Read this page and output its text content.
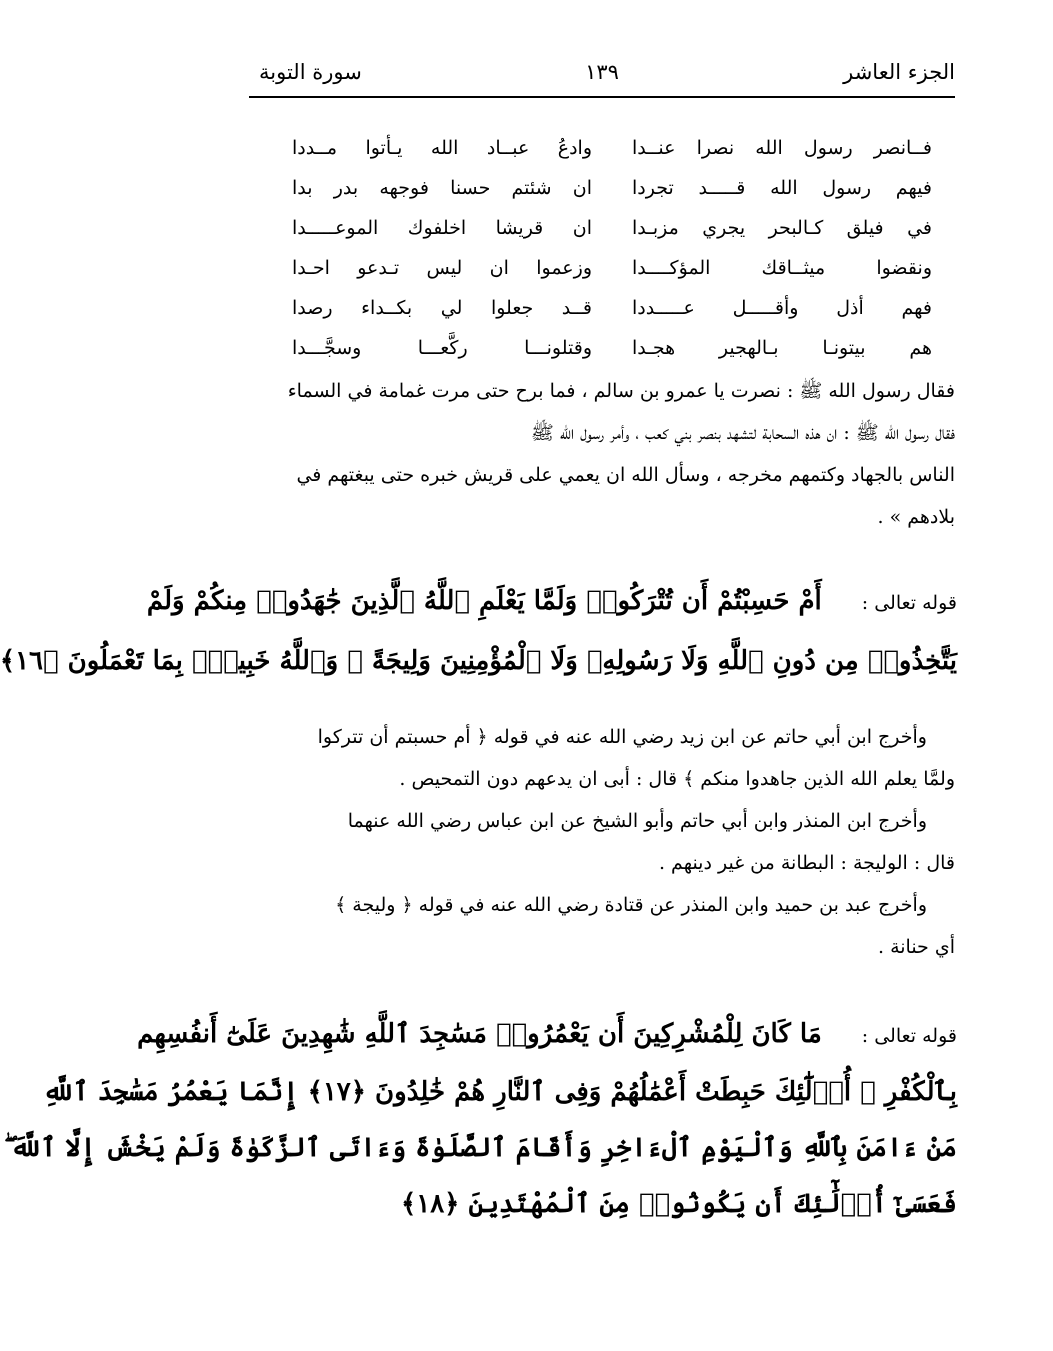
الجزء العاشر
١٣٩
سورة التوبة
فــانصر رسول الله نصرا عنــدا
وادعُ عبــاد الله يـأتوا مــددا
فيهم رسول الله قـــــد تجردا
ان شئتم حسنا فوجهه بدر بدا
في فيلق كـالبحر يجري مزبـدا
ان قريشا اخلفوك الموعـــــدا
ونقضوا ميثــاقك المؤكــــدا
وزعموا ان ليس تـدعو احـدا
فهم أذل وأقـــــل عـــــددا
قــد جعلوا لي بكــداء رصدا
هم بيتونـا بـالهجير هجـدا
وقتلونـــا ركَّعـــا وسجَّـــدا

فقال رسول الله ﷺ : نصرت يا عمرو بن سالم ، فما برح حتى مرت غمامة في السماء

فقال رسول الله ﷺ : ان هذه السحابة لتشهد بنصر بني كعب ، وأمر رسول الله ﷺ

الناس بالجهاد وكتمهم مخرجه ، وسأل الله ان يعمي على قريش خبره حتى يبغتهم في

بلادهم » .

قوله تعالى :أَمْ حَسِبْتُمْ أَن تُتْرَكُوا۟ وَلَمَّا يَعْلَمِ ٱللَّهُ ٱلَّذِينَ جَٰهَدُوا۟ مِنكُمْ وَلَمْ

يَتَّخِذُوا۟ مِن دُونِ ٱللَّهِ وَلَا رَسُولِهِۦ وَلَا ٱلْمُؤْمِنِينَ وَلِيجَةً ۚ وَٱللَّهُ خَبِيرٌۢ بِمَا تَعْمَلُونَ ﴿١٦﴾

وأخرج ابن أبي حاتم عن ابن زيد رضي الله عنه في قوله ﴿ أم حسبتم أن تتركوا

ولمَّا يعلم الله الذين جاهدوا منكم ﴾ قال : أبى ان يدعهم دون التمحيص .

وأخرج ابن المنذر وابن أبي حاتم وأبو الشيخ عن ابن عباس رضي الله عنهما

قال : الوليجة : البطانة من غير دينهم .

وأخرج عبد بن حميد وابن المنذر عن قتادة رضي الله عنه في قوله ﴿ وليجة ﴾

أي حنانة .

قوله تعالى :مَا كَانَ لِلْمُشْرِكِينَ أَن يَعْمُرُوا۟ مَسَٰجِدَ ٱللَّهِ شَٰهِدِينَ عَلَىٰٓ أَنفُسِهِم

بِٱلْكُفْرِ ۚ أُو۟لَٰٓئِكَ حَبِطَتْ أَعْمَٰلُهُمْ وَفِى ٱلنَّارِ هُمْ خَٰلِدُونَ ﴿١٧﴾ إِنَّمَا يَعْمُرُ مَسَٰجِدَ ٱللَّهِ

مَنْ ءَامَنَ بِٱللَّهِ وَٱلْيَوْمِ ٱلْءَاخِرِ وَأَقَامَ ٱلصَّلَوٰةَ وَءَاتَى ٱلزَّكَوٰةَ وَلَمْ يَخْشَ إِلَّا ٱللَّهَ ۖ

فَعَسَىٰٓ أُو۟لَٰٓئِكَ أَن يَكُونُوا۟ مِنَ ٱلْمُهْتَدِينَ ﴿١٨﴾
